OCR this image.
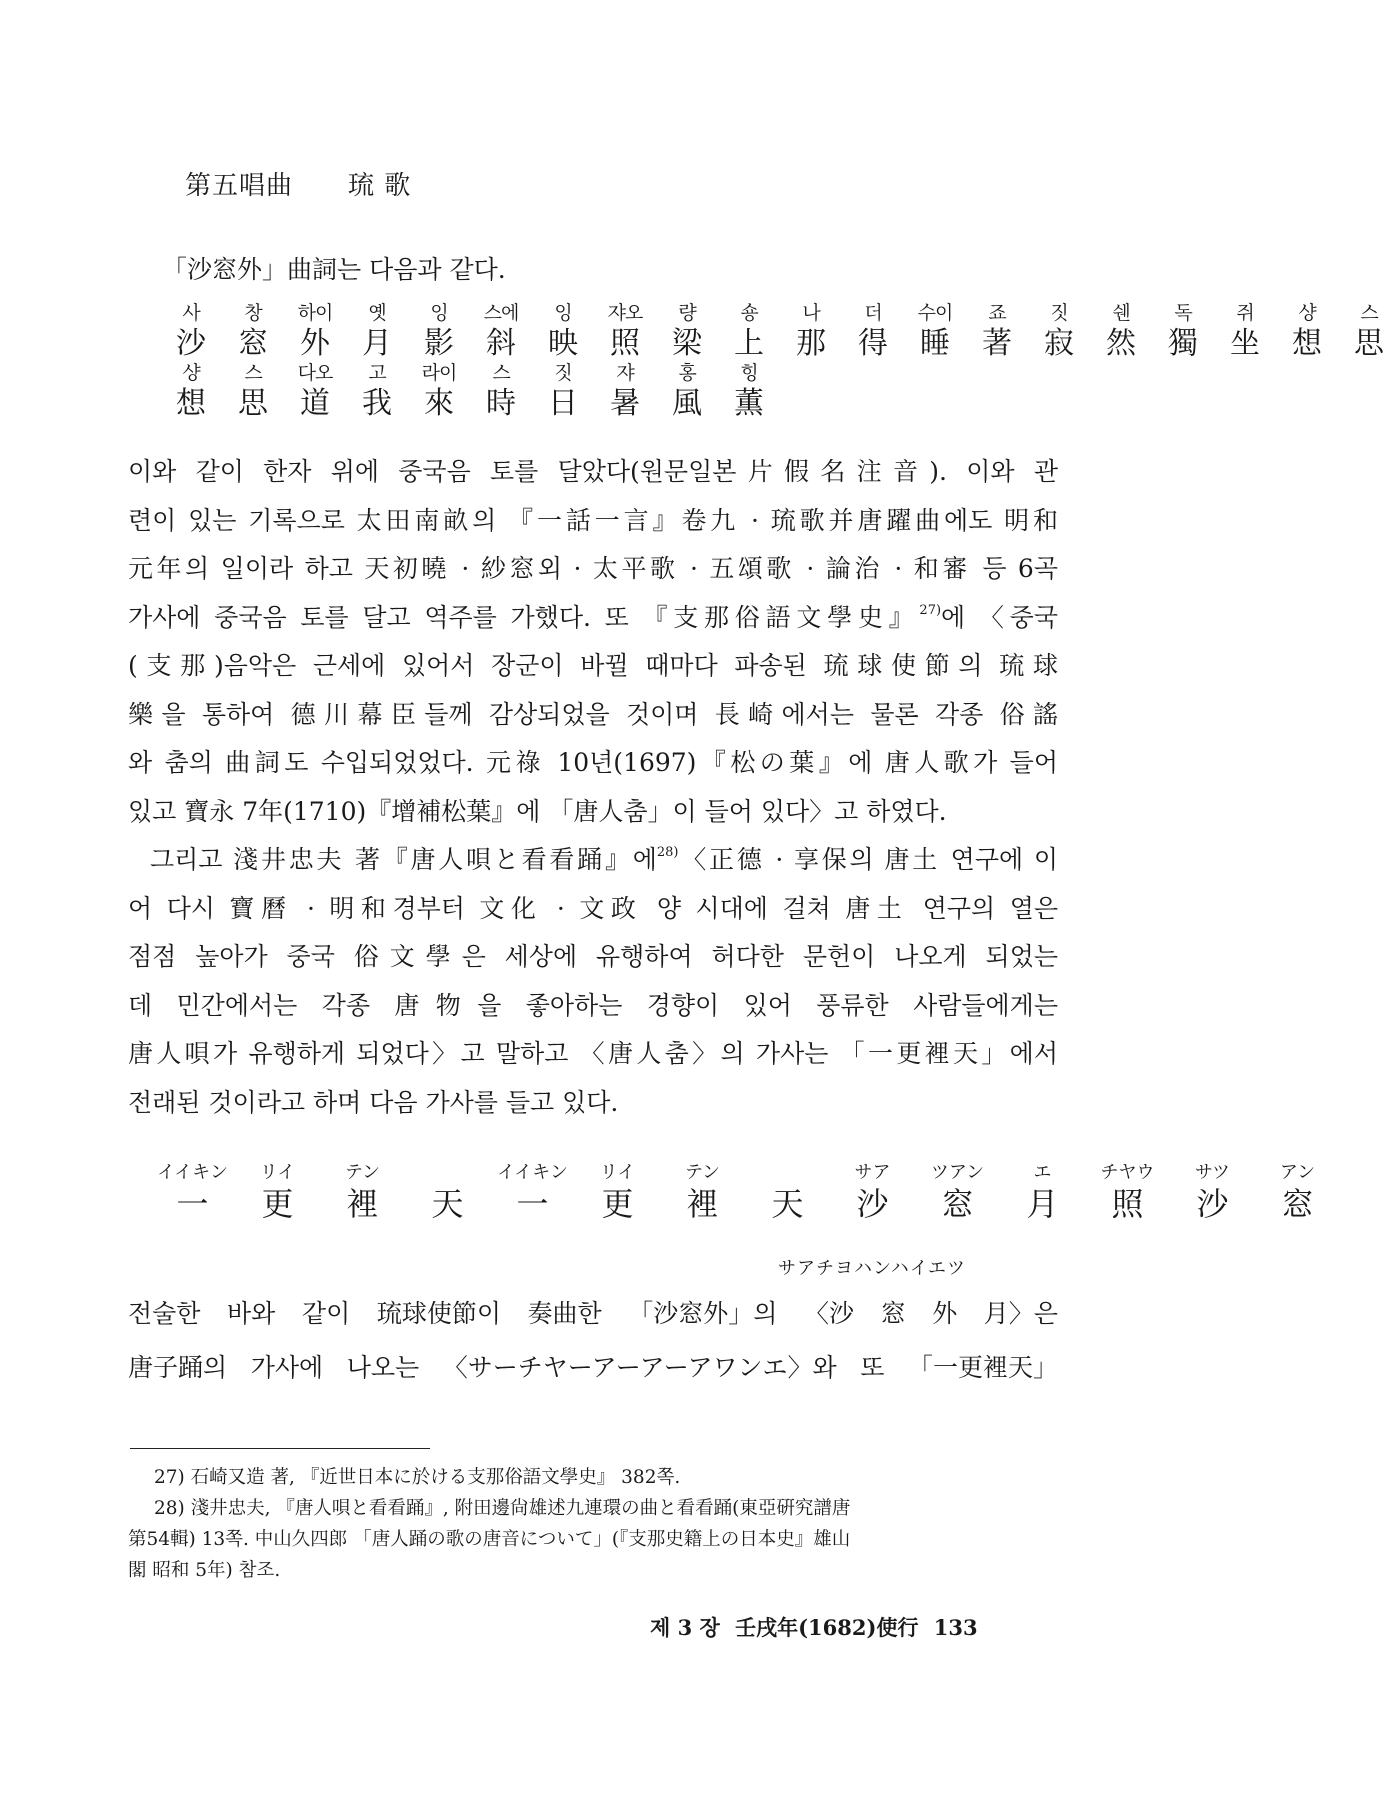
第五唱曲 琉 歌
「沙窓外」曲詞는 다음과 같다.
사
沙
창
窓
하이
外
옛
月
잉
影
스에
斜
잉
映
쟈오
照
량
梁
숑
上
나
那
더
得
수이
睡
죠
著
짓
寂
쉔
然
독
獨
쥐
坐
샹
想
스
思
샹
想
스
思
다오
道
고
我
라이
來
스
時
짓
日
쟈
暑
홍
風
힝
薫
이와 같이 한자 위에 중국음 토를 달았다(원문일본片假名注音). 이와 관
련이 있는 기록으로 太田南畝의 『一話一言』卷九 · 琉歌并唐躍曲에도 明和
元年의 일이라 하고 天初曉 · 紗窓외 · 太平歌 · 五頌歌 · 論治 · 和審 등 6곡
가사에 중국음 토를 달고 역주를 가했다. 또 『支那俗語文學史』$^{27)}$에 〈중국
(支那)음악은 근세에 있어서 장군이 바뀔 때마다 파송된 琉球使節의 琉球
樂을 통하여 德川幕臣들께 감상되었을 것이며 長崎에서는 물론 각종 俗謠
와 춤의 曲詞도 수입되었었다. 元祿 10년(1697)『松の葉』에 唐人歌가 들어
있고 寶永 7年(1710)『增補松葉』에 「唐人춤」이 들어 있다〉고 하였다.
그리고 淺井忠夫 著『唐人唄と看看踊』에$^{28)}$〈正德 · 享保의 唐土 연구에 이
어 다시 寶曆 · 明和경부터 文化 · 文政 양 시대에 걸쳐 唐土 연구의 열은
점점 높아가 중국 俗文學은 세상에 유행하여 허다한 문헌이 나오게 되었는
데 민간에서는 각종 唐物을 좋아하는 경향이 있어 풍류한 사람들에게는
唐人唄가 유행하게 되었다〉고 말하고 〈唐人춤〉의 가사는 「一更裡天」에서
전래된 것이라고 하며 다음 가사를 들고 있다.
イイキン
一
リイ
更
テン
裡 天
イイキン
一
リイ
更
テン
裡 天
サア
沙
ツアン
窓
エ
月
チヤウ
照
サツ
沙
アン
窓
サアチヨハンハイエツ
전술한 바와 같이 琉球使節이 奏曲한 「沙窓外」의 〈沙 窓 外 月〉은
唐子踊의 가사에 나오는 〈サーチヤーアーアーアワンエ〉와 또 「一更裡天」
27) 石崎又造 著, 『近世日本に於ける支那俗語文學史』 382쪽.
28) 淺井忠夫, 『唐人唄と看看踊』, 附田邊尙雄述九連環の曲と看看踊(東亞硏究譜唐
第54輯) 13쪽. 中山久四郎 「唐人踊の歌の唐音について」(『支那史籍上の日本史』雄山
閣 昭和 5年) 참조.
제 3 장 壬戌年(1682)使行 133
